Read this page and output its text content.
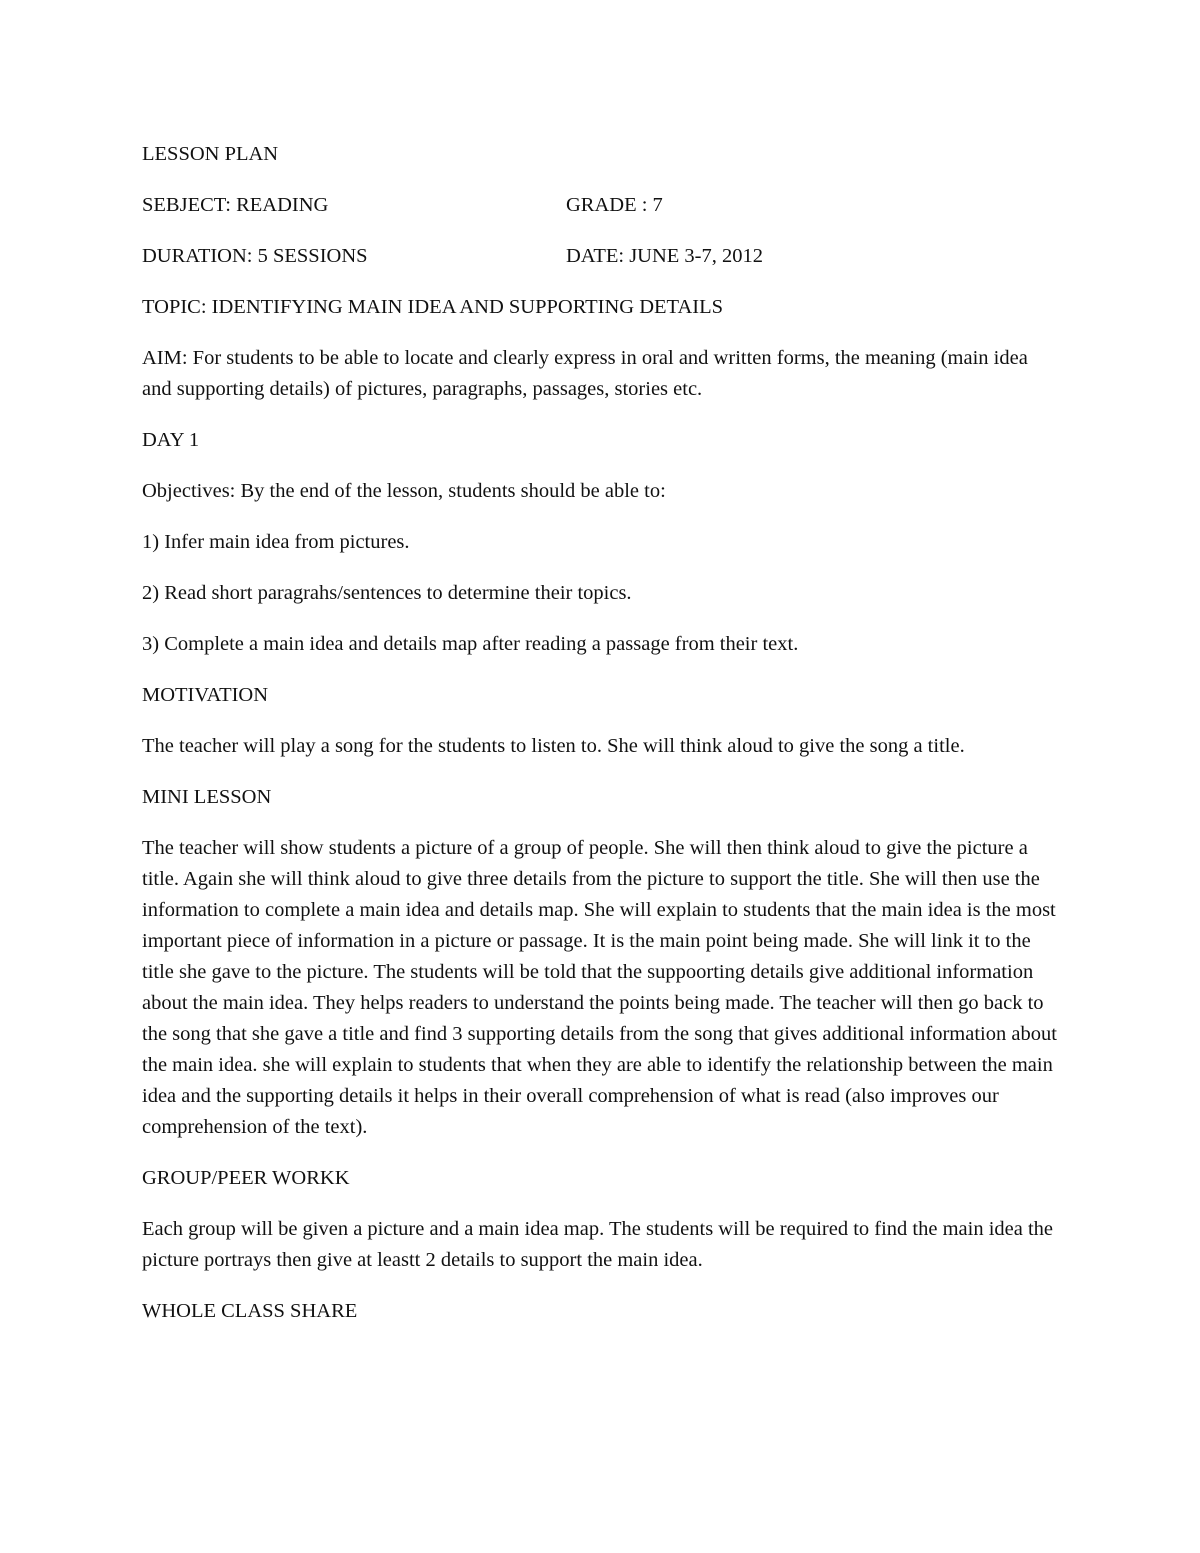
LESSON PLAN
SEBJECT: READING	GRADE : 7
DURATION: 5 SESSIONS	DATE: JUNE 3-7, 2012
TOPIC: IDENTIFYING MAIN IDEA AND SUPPORTING DETAILS
AIM: For students to be able to locate and clearly express in oral and written forms, the meaning (main idea and supporting details) of pictures, paragraphs, passages, stories etc.
DAY 1
Objectives: By the end of the lesson, students should be able to:
1) Infer main idea from pictures.
2) Read short paragrahs/sentences to determine their topics.
3) Complete a main idea and details map after reading a passage from their text.
MOTIVATION
The teacher will play a song for the students to listen to. She will think aloud to give the song a title.
MINI LESSON
The teacher will show students a picture of a group of people. She will then think aloud to give the picture a title. Again she will think aloud to give three details from the picture to support the title. She will then use the information to complete a main idea and details map. She will explain to students that the main idea is the most important piece of information in a picture or passage. It is the main point being made. She will link it to the title she gave to the picture. The students will be told that the suppoorting details give additional information about the main idea. They helps readers to understand the points being made. The teacher will then go back to the song that she gave a title and find 3 supporting details from the song that gives additional information about the main idea. she will explain to students that when they are able to identify the relationship between the main idea and the supporting details it helps in their overall comprehension of what is read (also improves our comprehension of the text).
GROUP/PEER WORKK
Each group will be given a picture and a main idea map. The students will be required to find the main idea the picture portrays then give at leastt 2 details to support the main idea.
WHOLE CLASS SHARE
